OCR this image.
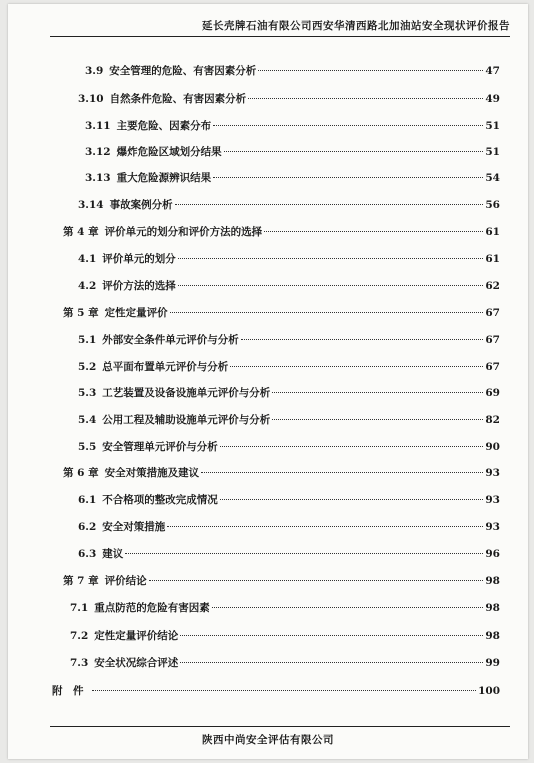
延长壳牌石油有限公司西安华清西路北加油站安全现状评价报告
3.9 安全管理的危险、有害因素分析	47
3.10 自然条件危险、有害因素分析	49
3.11 主要危险、因素分布	51
3.12 爆炸危险区域划分结果	51
3.13 重大危险源辨识结果	54
3.14 事故案例分析	56
第 4 章 评价单元的划分和评价方法的选择	61
4.1 评价单元的划分	61
4.2 评价方法的选择	62
第 5 章 定性定量评价	67
5.1 外部安全条件单元评价与分析	67
5.2 总平面布置单元评价与分析	67
5.3 工艺装置及设备设施单元评价与分析	69
5.4 公用工程及辅助设施单元评价与分析	82
5.5 安全管理单元评价与分析	90
第 6 章 安全对策措施及建议	93
6.1 不合格项的整改完成情况	93
6.2 安全对策措施	93
6.3 建议	96
第 7 章 评价结论	98
7.1 重点防范的危险有害因素	98
7.2 定性定量评价结论	98
7.3 安全状况综合评述	99
附　件	100
陕西中尚安全评估有限公司
